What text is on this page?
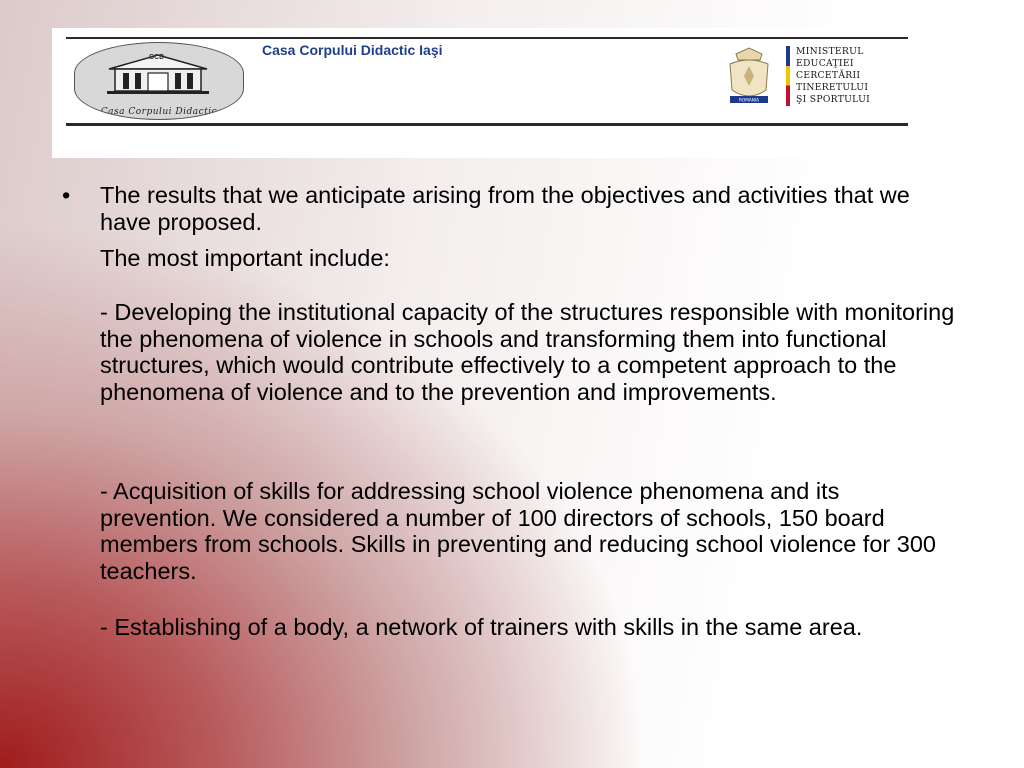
CCD
Casa Corpului Didactic
Casa Corpului Didactic Iaşi
ROMANIA
MINISTERUL
EDUCAŢIEI
CERCETĂRII
TINERETULUI
ŞI SPORTULUI
• The results that we anticipate arising from the objectives and activities that we have proposed.
The most important include:
- Developing the institutional capacity of the structures responsible with monitoring the phenomena of violence in schools and transforming them into functional structures, which would contribute effectively to a competent approach to the phenomena of violence and to the prevention and improvements.
- Acquisition of skills for addressing school violence phenomena and its prevention. We considered a number of 100 directors of schools, 150 board members from schools. Skills in preventing and reducing school violence for 300 teachers.
- Establishing of a body, a network of trainers with skills in the same area.
